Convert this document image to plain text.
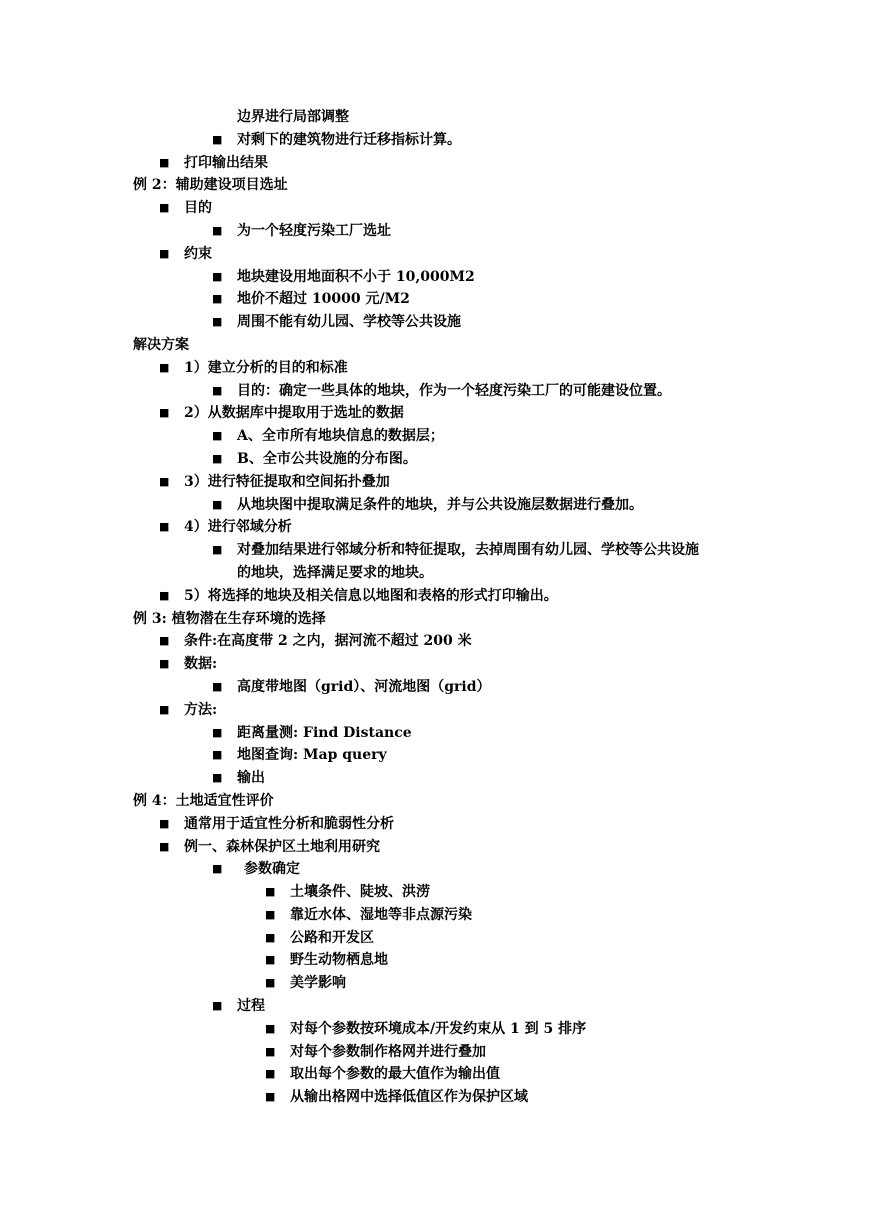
边界进行局部调整
■ 对剩下的建筑物进行迁移指标计算。
■ 打印输出结果
例 2：辅助建设项目选址
■ 目的
■ 为一个轻度污染工厂选址
■ 约束
■ 地块建设用地面积不小于 10,000M2
■ 地价不超过 10000 元/M2
■ 周围不能有幼儿园、学校等公共设施
解决方案
■ 1）建立分析的目的和标准
■ 目的：确定一些具体的地块，作为一个轻度污染工厂的可能建设位置。
■ 2）从数据库中提取用于选址的数据
■ A、全市所有地块信息的数据层；
■ B、全市公共设施的分布图。
■ 3）进行特征提取和空间拓扑叠加
■ 从地块图中提取满足条件的地块，并与公共设施层数据进行叠加。
■ 4）进行邻域分析
■ 对叠加结果进行邻域分析和特征提取，去掉周围有幼儿园、学校等公共设施
的地块，选择满足要求的地块。
■ 5）将选择的地块及相关信息以地图和表格的形式打印输出。
例 3: 植物潜在生存环境的选择
■ 条件:在高度带 2 之内，据河流不超过 200 米
■ 数据:
■ 高度带地图（grid）、河流地图（grid）
■ 方法:
■ 距离量测: Find Distance
■ 地图查询: Map query
■ 输出
例 4：土地适宜性评价
■ 通常用于适宜性分析和脆弱性分析
■ 例一、森林保护区土地利用研究
■ 参数确定
■ 土壤条件、陡坡、洪涝
■ 靠近水体、湿地等非点源污染
■ 公路和开发区
■ 野生动物栖息地
■ 美学影响
■ 过程
■ 对每个参数按环境成本/开发约束从 1 到 5 排序
■ 对每个参数制作格网并进行叠加
■ 取出每个参数的最大值作为输出值
■ 从输出格网中选择低值区作为保护区域
